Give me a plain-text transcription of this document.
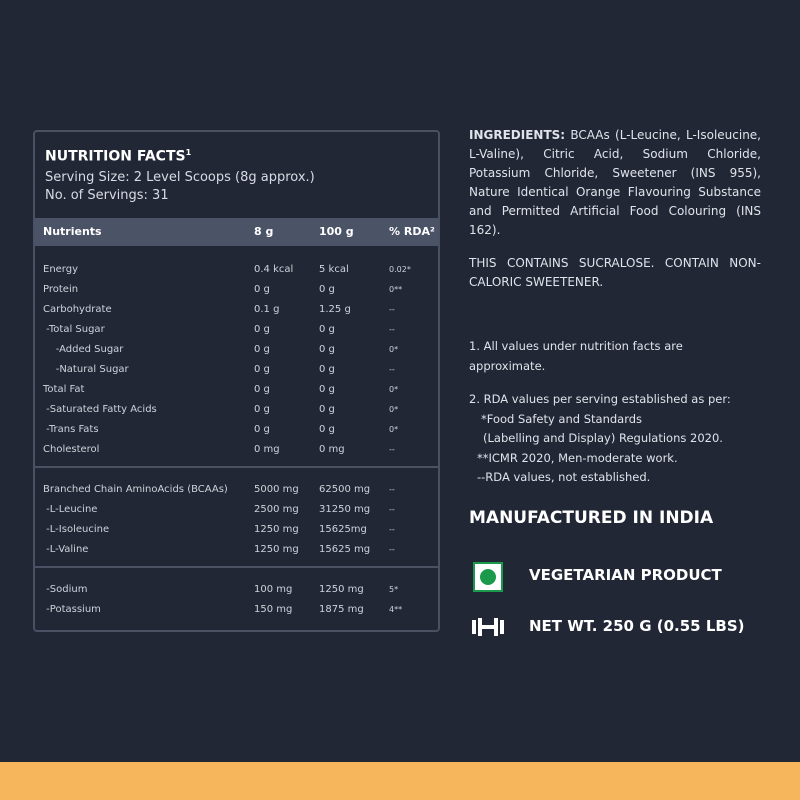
NUTRITION FACTS$^1$
Serving Size: 2 Level Scoops (8g approx.)
No. of Servings: 31
Nutrients	8 g	100 g	% RDA²
Energy	0.4 kcal	5 kcal	0.02*
Protein	0 g	0 g	0**
Carbohydrate	0.1 g	1.25 g	--
-Total Sugar	0 g	0 g	--
-Added Sugar	0 g	0 g	0*
-Natural Sugar	0 g	0 g	--
Total Fat	0 g	0 g	0*
-Saturated Fatty Acids	0 g	0 g	0*
-Trans Fats	0 g	0 g	0*
Cholesterol	0 mg	0 mg	--
Branched Chain AminoAcids (BCAAs)	5000 mg 62500 mg --
-L-Leucine	2500 mg 31250 mg --
-L-Isoleucine	1250 mg 15625mg	--
-L-Valine	1250 mg 15625 mg --
-Sodium	100 mg	1250 mg	5*
-Potassium	150 mg	1875 mg	4**
INGREDIENTS: BCAAs (L-Leucine, L-Isoleucine, L-Valine), Citric Acid, Sodium Chloride, Potassium Chloride, Sweetener (INS 955), Nature Identical Orange Flavouring Substance and Permitted Artificial Food Colouring (INS 162).
THIS CONTAINS SUCRALOSE. CONTAIN NON-CALORIC SWEETENER.
1. All values under nutrition facts are approximate.
2. RDA values per serving established as per:
*Food Safety and Standards
(Labelling and Display) Regulations 2020.
**ICMR 2020, Men-moderate work.
--RDA values, not established.
MANUFACTURED IN INDIA
VEGETARIAN PRODUCT
NET WT. 250 G (0.55 LBS)
